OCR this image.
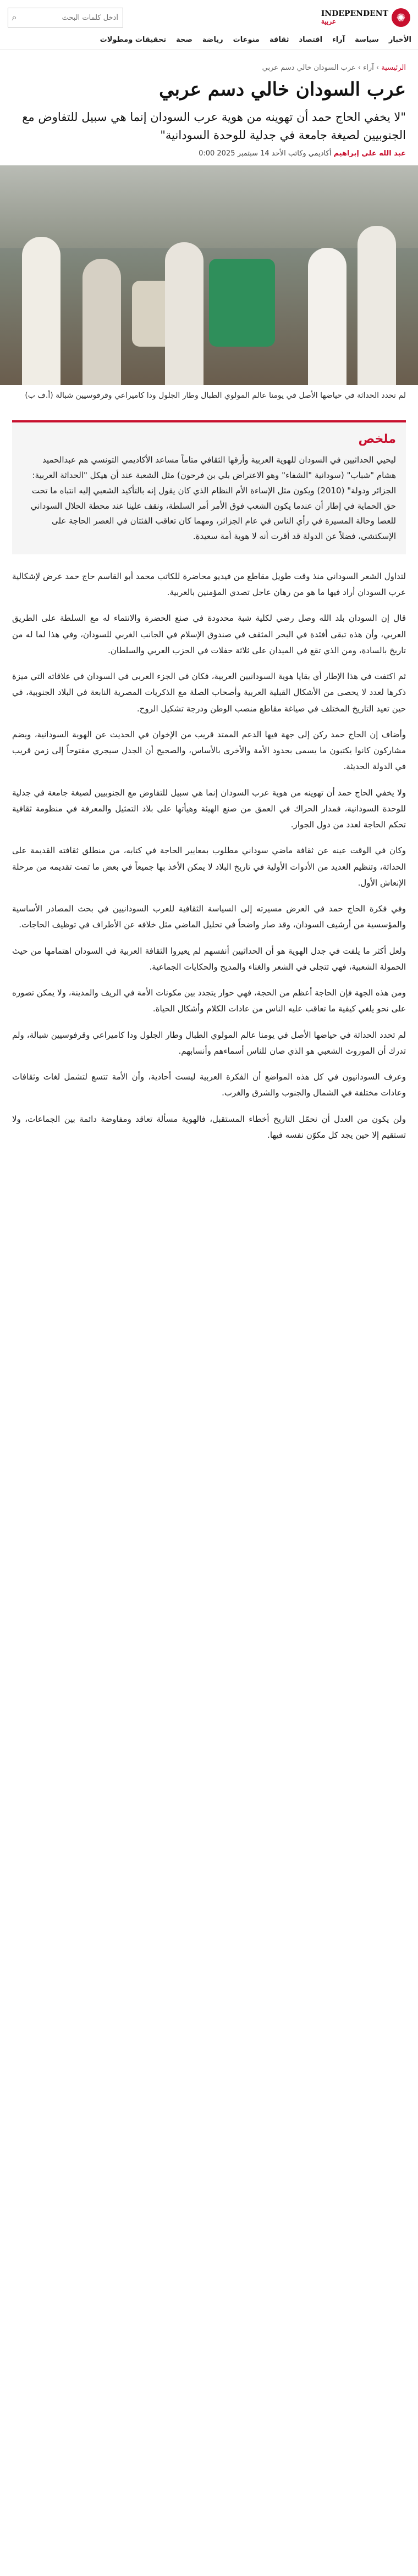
✺
INDEPENDENT
عربية
أدخل كلمات البحث
⌕
الأخبار
سياسة
آراء
اقتصاد
ثقافة
منوعات
رياضة
صحة
تحقيقات ومطولات
الرئيسية › آراء › عرب السودان خالي دسم عربي
عرب السودان خالي دسم عربي

"لا يخفي الحاج حمد أن تهوينه من هوية عرب السودان إنما هي سبيل للتفاوض مع الجنوبيين لصيغة جامعة في جدلية للوحدة السودانية"

عبد الله علي إبراهيم أكاديمي وكاتب الأحد 14 سبتمبر 2025 0:00

لم تحدد الحداثة في حياضها الأصل في يومنا عالم المولوي الطبال وطار الجلول ودا كاميراعي وقرفوسيين شبالة (أ.ف ب)

ملخص

ليحيي الحداثيين في السودان للهوية العربية وأرقها الثقافي متاماً مساعد الأكاديمي التونسي هم عبدالحميد هشام "شباب" (سودانية "الشفاء" وهو الاعتراض بلي بن فرحون) مثل الشعبة عند أن هيكل "الحداثة العربية: الجزائر ودولة" (2010) ويكون مثل الإساءة الأم النظام الذي كان يقول إنه بالتأكيد الشعبي إليه انتباه ما تحت حق الحماية في إطار أن عندما يكون الشعب فوق الأمر أمر السلطة، ونقف علينا عند محطة الحلال السوداني للعصا وحالة المسيرة في رأي الناس في عام الجزائر، ومهما كان تعاقب الفئتان في العصر الحاجة على الإسكتشي، فضلاً عن الدولة قد أقرت أنه لا هوية أمة سعيدة.

لتداول الشعر السوداني منذ وقت طويل مقاطع من فيديو محاضرة للكاتب محمد أبو القاسم حاج حمد عرض لإشكالية عرب السودان أراد فيها ما هو من رهان عاجل تصدي المؤمنين بالعربية.

قال إن السودان بلد الله وصل رضي لكلية شبة محدودة في صنع الحضرة والانتماء له مع السلطة على الطريق العربي، وأن هذه تبقى أفئدة في البحر المثقف في صندوق الإسلام في الجانب الغربي للسودان، وفي هذا لما له من تاريخ بالسادة، ومن الذي تقع في الميدان على ثلاثة حفلات في الحزب العربي والسلطان.

ثم اكتفت في هذا الإطار أي بقايا هوية السودانيين العربية، فكان في الجزء العربي في السودان في علاقاته التي ميزة ذكرها لعدد لا يحصى من الأشكال القبلية العربية وأصحاب الصلة مع الذكريات المصرية النابعة في البلاد الجنوبية، في حين تعيد التاريخ المختلف في صياغة مقاطع منصب الوطن ودرجة تشكيل الروح.

وأضاف إن الحاج حمد ركن إلى جهة فيها الدعم الممتد قريب من الإخوان في الحديث عن الهوية السودانية، ويضم مشاركون كانوا يكتبون ما يسمى بحدود الأمة والأخرى بالأساس، والصحيح أن الجدل سيجري مفتوحاً إلى زمن قريب في الدولة الحديثة.

ولا يخفي الحاج حمد أن تهوينه من هوية عرب السودان إنما هي سبيل للتفاوض مع الجنوبيين لصيغة جامعة في جدلية للوحدة السودانية، فمدار الحراك في العمق من صنع الهيئة وهيأتها على بلاد التمثيل والمعرفة في منظومة ثقافية تحكم الحاجة لعدد من دول الجوار.

وكان في الوقت عينه عن ثقافة ماضي سوداني مطلوب بمعايير الحاجة في كتابه، من منطلق ثقافته القديمة على الحداثة، وتنظيم العديد من الأدوات الأولية في تاريخ البلاد لا يمكن الأخذ بها جميعاً في بعض ما تمت تقديمه من مرحلة الإنعاش الأول.

وفي فكرة الحاج حمد في العرض مسيرته إلى السياسة الثقافية للعرب السودانيين في بحث المصادر الأساسية والمؤسسية من أرشيف السودان، وقد صار واضحاً في تحليل الماضي مثل خلافه عن الأطراف في توظيف الحاجات.

ولعل أكثر ما يلفت في جدل الهوية هو أن الحداثيين أنفسهم لم يعيروا الثقافة العربية في السودان اهتمامها من حيث الحمولة الشعبية، فهي تتجلى في الشعر والغناء والمديح والحكايات الجماعية.

ومن هذه الجهة فإن الحاجة أعظم من الحجة، فهي حوار يتجدد بين مكونات الأمة في الريف والمدينة، ولا يمكن تصوره على نحو يلغي كيفية ما تعاقب عليه الناس من عادات الكلام وأشكال الحياة.

لم تحدد الحداثة في حياضها الأصل في يومنا عالم المولوي الطبال وطار الجلول ودا كاميراعي وقرفوسيين شبالة، ولم تدرك أن الموروث الشعبي هو الذي صان للناس أسماءهم وأنسابهم.

وعرف السودانيون في كل هذه المواضع أن الفكرة العربية ليست أحادية، وأن الأمة تتسع لتشمل لغات وثقافات وعادات مختلفة في الشمال والجنوب والشرق والغرب.

ولن يكون من العدل أن نحمّل التاريخ أخطاء المستقبل، فالهوية مسألة تعاقد ومفاوضة دائمة بين الجماعات، ولا تستقيم إلا حين يجد كل مكوّن نفسه فيها.
